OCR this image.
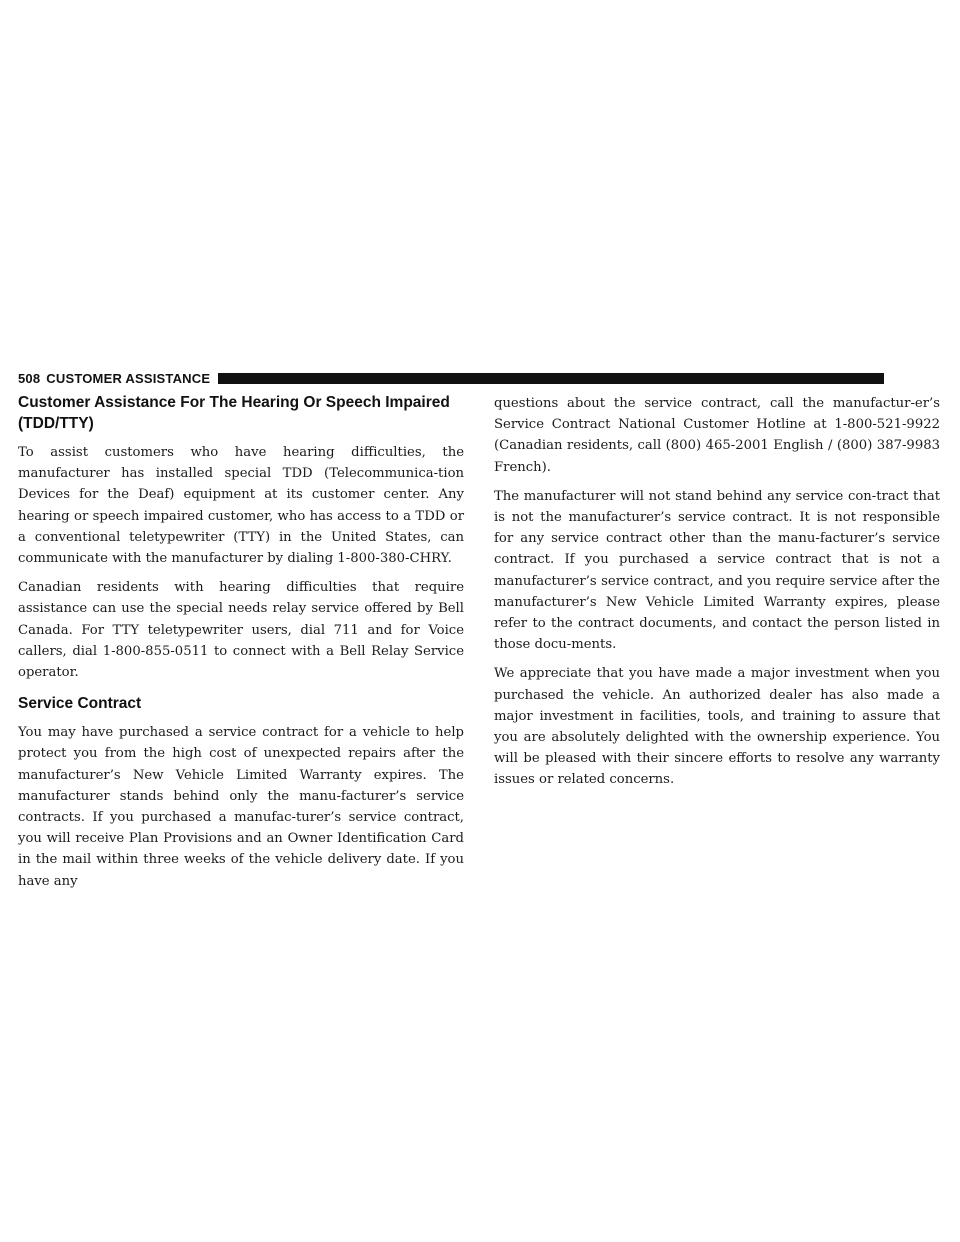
508 CUSTOMER ASSISTANCE
Customer Assistance For The Hearing Or Speech Impaired (TDD/TTY)

To assist customers who have hearing difficulties, the manufacturer has installed special TDD (Telecommunica-tion Devices for the Deaf) equipment at its customer center. Any hearing or speech impaired customer, who has access to a TDD or a conventional teletypewriter (TTY) in the United States, can communicate with the manufacturer by dialing 1-800-380-CHRY.

Canadian residents with hearing difficulties that require assistance can use the special needs relay service offered by Bell Canada. For TTY teletypewriter users, dial 711 and for Voice callers, dial 1-800-855-0511 to connect with a Bell Relay Service operator.

Service Contract

You may have purchased a service contract for a vehicle to help protect you from the high cost of unexpected repairs after the manufacturer’s New Vehicle Limited Warranty expires. The manufacturer stands behind only the manu-facturer’s service contracts. If you purchased a manufac-turer’s service contract, you will receive Plan Provisions and an Owner Identification Card in the mail within three weeks of the vehicle delivery date. If you have any

questions about the service contract, call the manufactur-er’s Service Contract National Customer Hotline at 1-800-521-9922 (Canadian residents, call (800) 465-2001 English / (800) 387-9983 French).

The manufacturer will not stand behind any service con-tract that is not the manufacturer’s service contract. It is not responsible for any service contract other than the manu-facturer’s service contract. If you purchased a service contract that is not a manufacturer’s service contract, and you require service after the manufacturer’s New Vehicle Limited Warranty expires, please refer to the contract documents, and contact the person listed in those docu-ments.

We appreciate that you have made a major investment when you purchased the vehicle. An authorized dealer has also made a major investment in facilities, tools, and training to assure that you are absolutely delighted with the ownership experience. You will be pleased with their sincere efforts to resolve any warranty issues or related concerns.
